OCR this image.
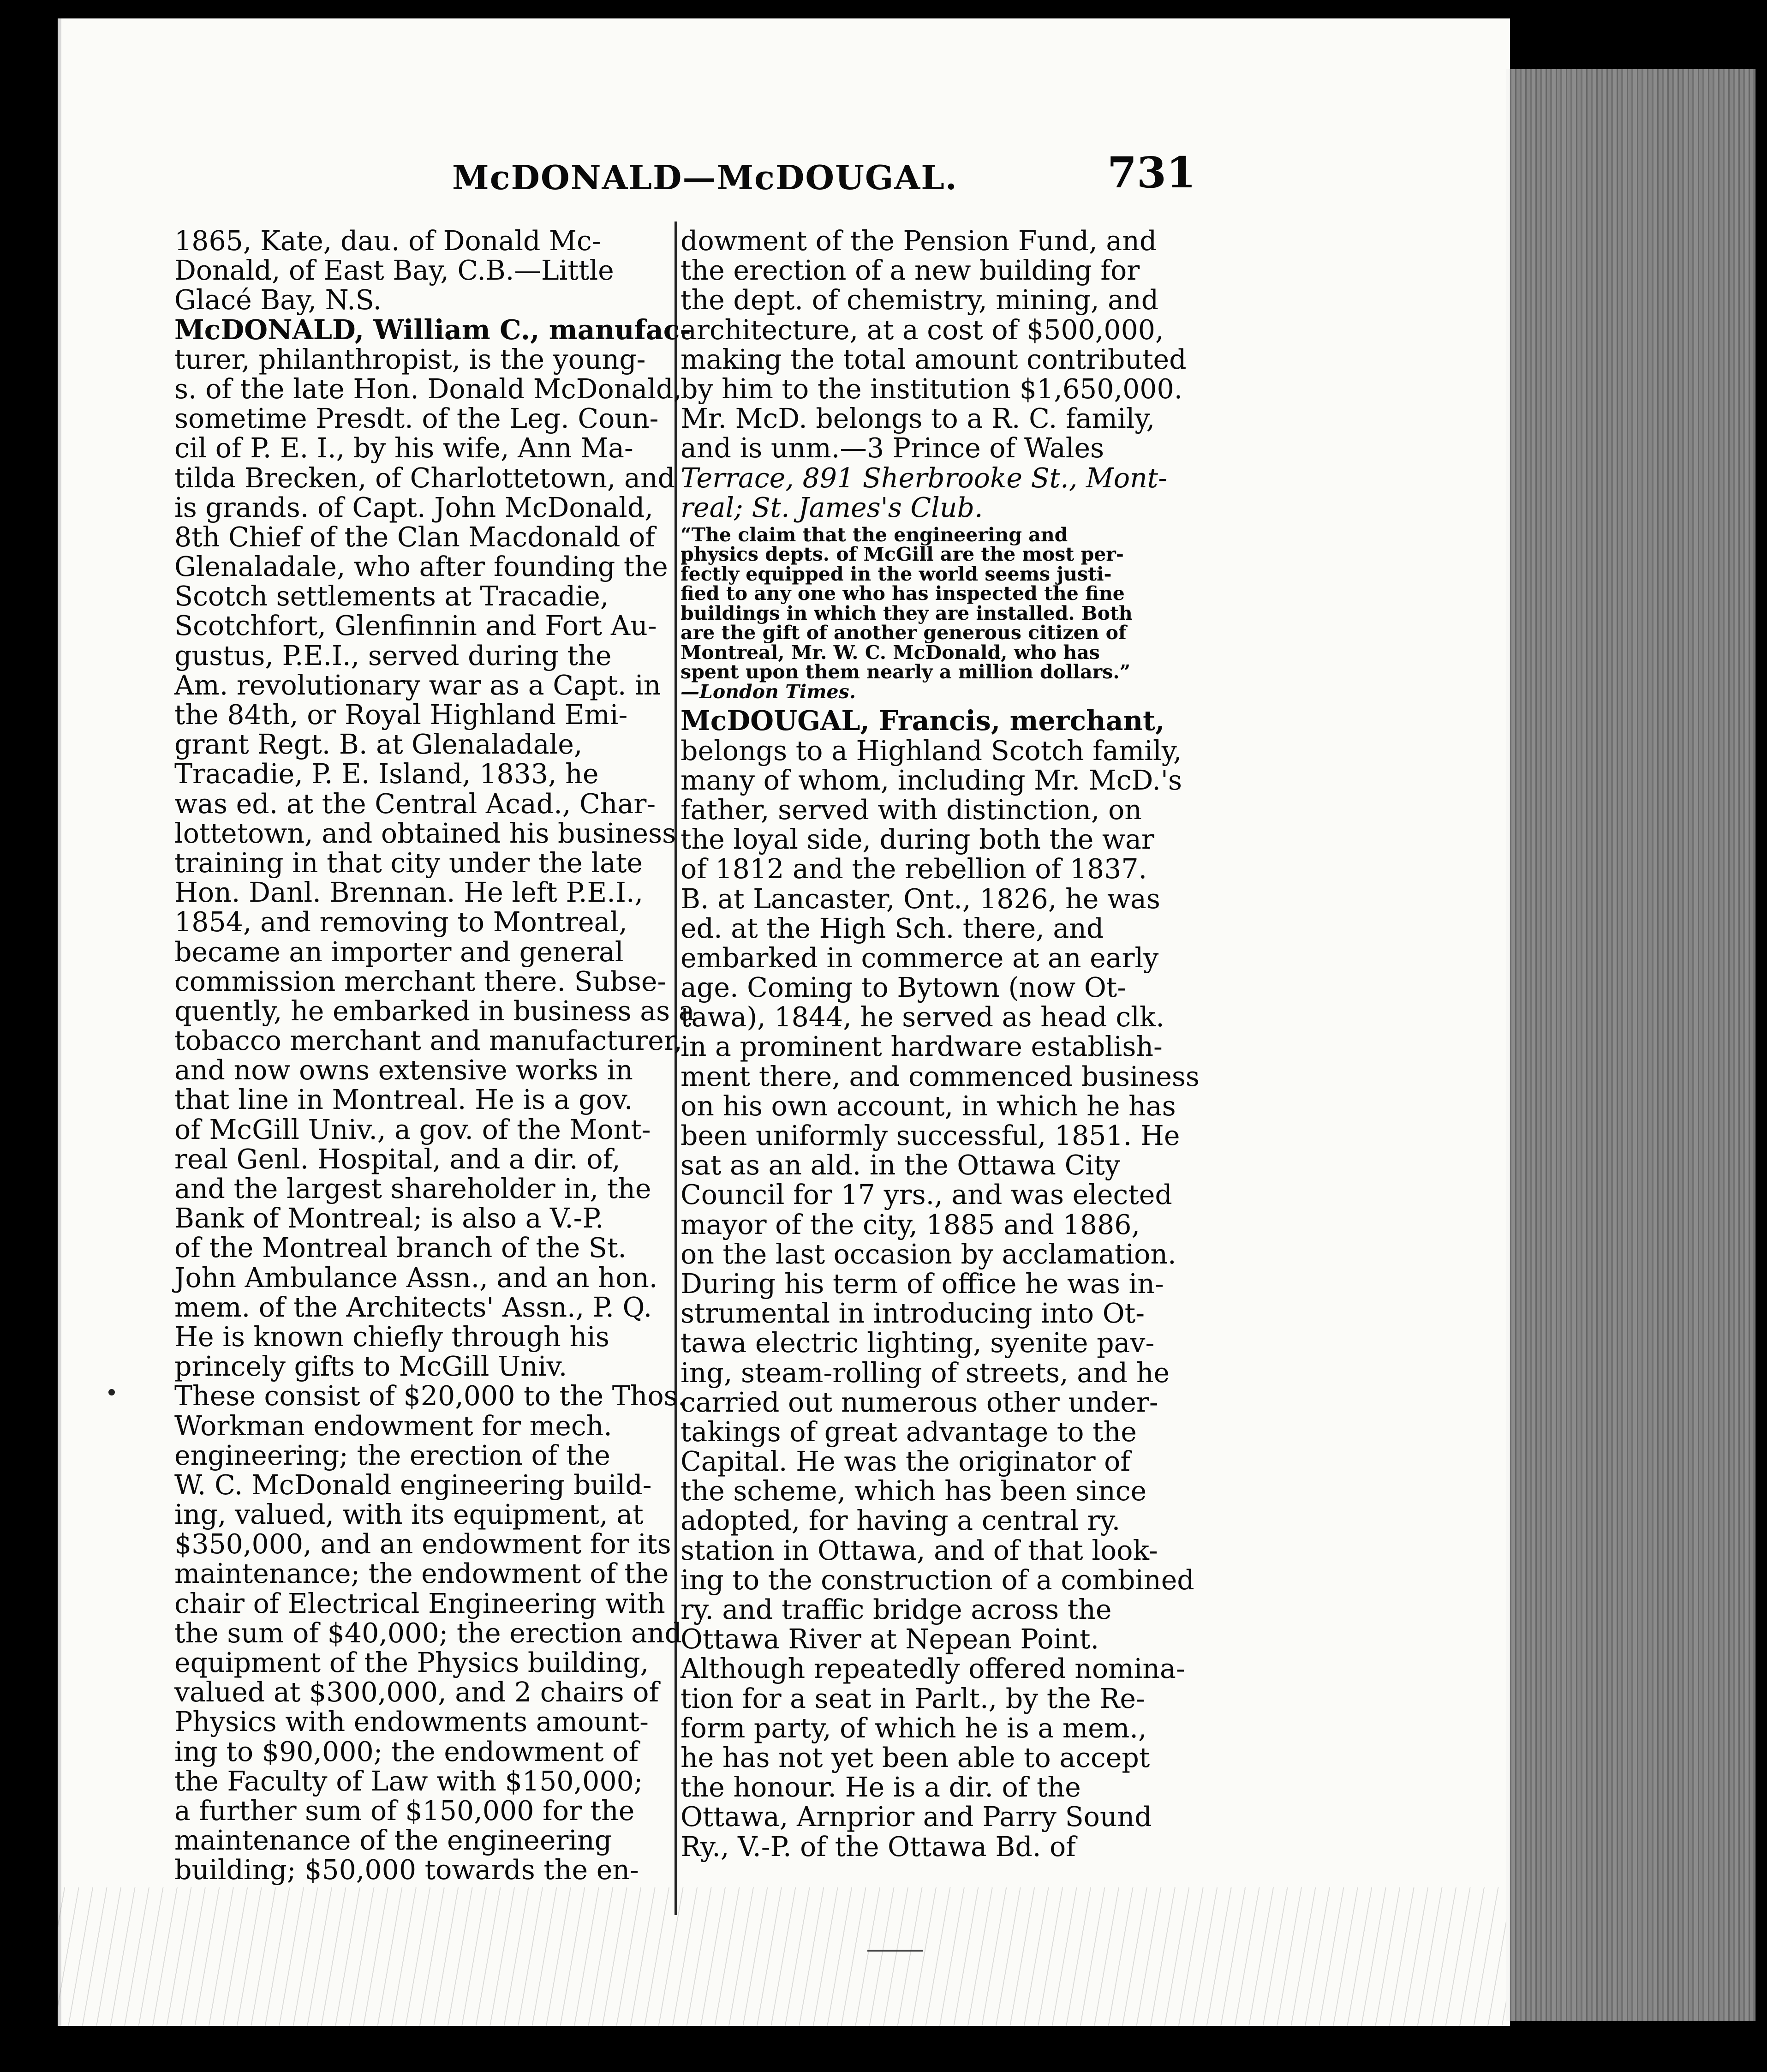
McDONALD—McDOUGAL.	731
1865, Kate, dau. of Donald Mc-
Donald, of East Bay, C.B.—Little
Glacé Bay, N.S.
McDONALD, William C., manufac-
turer, philanthropist, is the young-
s. of the late Hon. Donald McDonald,
sometime Presdt. of the Leg. Coun-
cil of P. E. I., by his wife, Ann Ma-
tilda Brecken, of Charlottetown, and
is grands. of Capt. John McDonald,
8th Chief of the Clan Macdonald of
Glenaladale, who after founding the
Scotch settlements at Tracadie,
Scotchfort, Glenfinnin and Fort Au-
gustus, P.E.I., served during the
Am. revolutionary war as a Capt. in
the 84th, or Royal Highland Emi-
grant Regt. B. at Glenaladale,
Tracadie, P. E. Island, 1833, he
was ed. at the Central Acad., Char-
lottetown, and obtained his business
training in that city under the late
Hon. Danl. Brennan. He left P.E.I.,
1854, and removing to Montreal,
became an importer and general
commission merchant there. Subse-
quently, he embarked in business as a
tobacco merchant and manufacturer,
and now owns extensive works in
that line in Montreal. He is a gov.
of McGill Univ., a gov. of the Mont-
real Genl. Hospital, and a dir. of,
and the largest shareholder in, the
Bank of Montreal; is also a V.-P.
of the Montreal branch of the St.
John Ambulance Assn., and an hon.
mem. of the Architects' Assn., P. Q.
He is known chiefly through his
princely gifts to McGill Univ.
These consist of $20,000 to the Thos.
Workman endowment for mech.
engineering; the erection of the
W. C. McDonald engineering build-
ing, valued, with its equipment, at
$350,000, and an endowment for its
maintenance; the endowment of the
chair of Electrical Engineering with
the sum of $40,000; the erection and
equipment of the Physics building,
valued at $300,000, and 2 chairs of
Physics with endowments amount-
ing to $90,000; the endowment of
the Faculty of Law with $150,000;
a further sum of $150,000 for the
maintenance of the engineering
building; $50,000 towards the en-
dowment of the Pension Fund, and
the erection of a new building for
the dept. of chemistry, mining, and
architecture, at a cost of $500,000,
making the total amount contributed
by him to the institution $1,650,000.
Mr. McD. belongs to a R. C. family,
and is unm.—3 Prince of Wales
Terrace, 891 Sherbrooke St., Mont-
real; St. James's Club.
“The claim that the engineering and
physics depts. of McGill are the most per-
fectly equipped in the world seems justi-
fied to any one who has inspected the fine
buildings in which they are installed. Both
are the gift of another generous citizen of
Montreal, Mr. W. C. McDonald, who has
spent upon them nearly a million dollars.”
—London Times.
McDOUGAL, Francis, merchant,
belongs to a Highland Scotch family,
many of whom, including Mr. McD.'s
father, served with distinction, on
the loyal side, during both the war
of 1812 and the rebellion of 1837.
B. at Lancaster, Ont., 1826, he was
ed. at the High Sch. there, and
embarked in commerce at an early
age. Coming to Bytown (now Ot-
tawa), 1844, he served as head clk.
in a prominent hardware establish-
ment there, and commenced business
on his own account, in which he has
been uniformly successful, 1851. He
sat as an ald. in the Ottawa City
Council for 17 yrs., and was elected
mayor of the city, 1885 and 1886,
on the last occasion by acclamation.
During his term of office he was in-
strumental in introducing into Ot-
tawa electric lighting, syenite pav-
ing, steam-rolling of streets, and he
carried out numerous other under-
takings of great advantage to the
Capital. He was the originator of
the scheme, which has been since
adopted, for having a central ry.
station in Ottawa, and of that look-
ing to the construction of a combined
ry. and traffic bridge across the
Ottawa River at Nepean Point.
Although repeatedly offered nomina-
tion for a seat in Parlt., by the Re-
form party, of which he is a mem.,
he has not yet been able to accept
the honour. He is a dir. of the
Ottawa, Arnprior and Parry Sound
Ry., V.-P. of the Ottawa Bd. of
